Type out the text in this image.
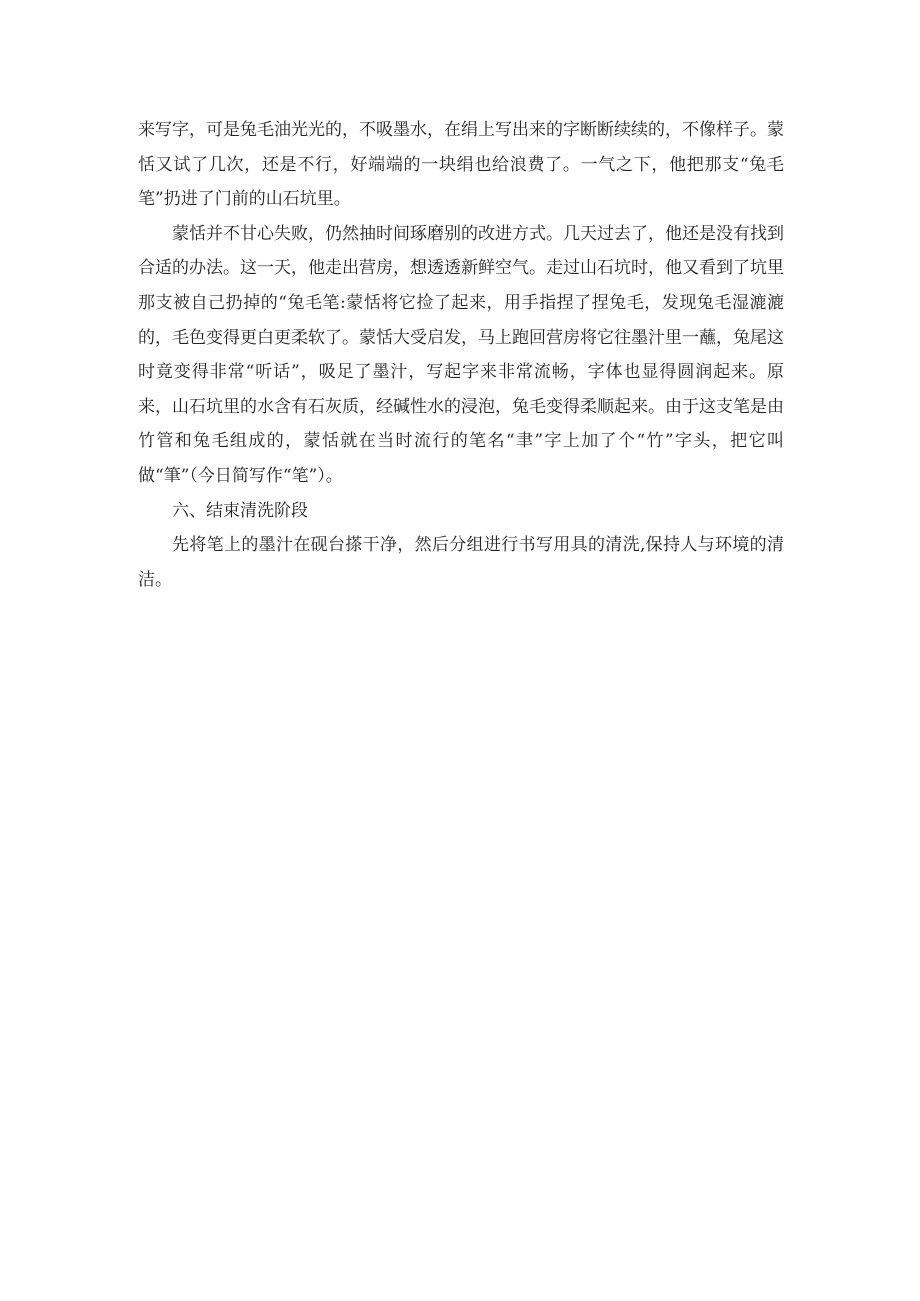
来写字，可是兔毛油光光的，不吸墨水，在绢上写出来的字断断续续的，不像样子。蒙恬又试了几次，还是不行，好端端的一块绢也给浪费了。一气之下，他把那支“兔毛笔”扔进了门前的山石坑里。

蒙恬并不甘心失败，仍然抽时间琢磨别的改进方式。几天过去了，他还是没有找到合适的办法。这一天，他走出营房，想透透新鲜空气。走过山石坑时，他又看到了坑里那支被自己扔掉的“兔毛笔:蒙恬将它捡了起来，用手指捏了捏兔毛，发现兔毛湿漉漉的，毛色变得更白更柔软了。蒙恬大受启发，马上跑回营房将它往墨汁里一蘸，兔尾这时竟变得非常“听话”，吸足了墨汁，写起字来非常流畅，字体也显得圆润起来。原来，山石坑里的水含有石灰质，经碱性水的浸泡，兔毛变得柔顺起来。由于这支笔是由竹管和兔毛组成的，蒙恬就在当时流行的笔名“聿”字上加了个“竹”字头，把它叫做“筆”（今日简写作“笔”）。

六、结束清洗阶段

先将笔上的墨汁在砚台搽干净，然后分组进行书写用具的清洗,保持人与环境的清洁。
